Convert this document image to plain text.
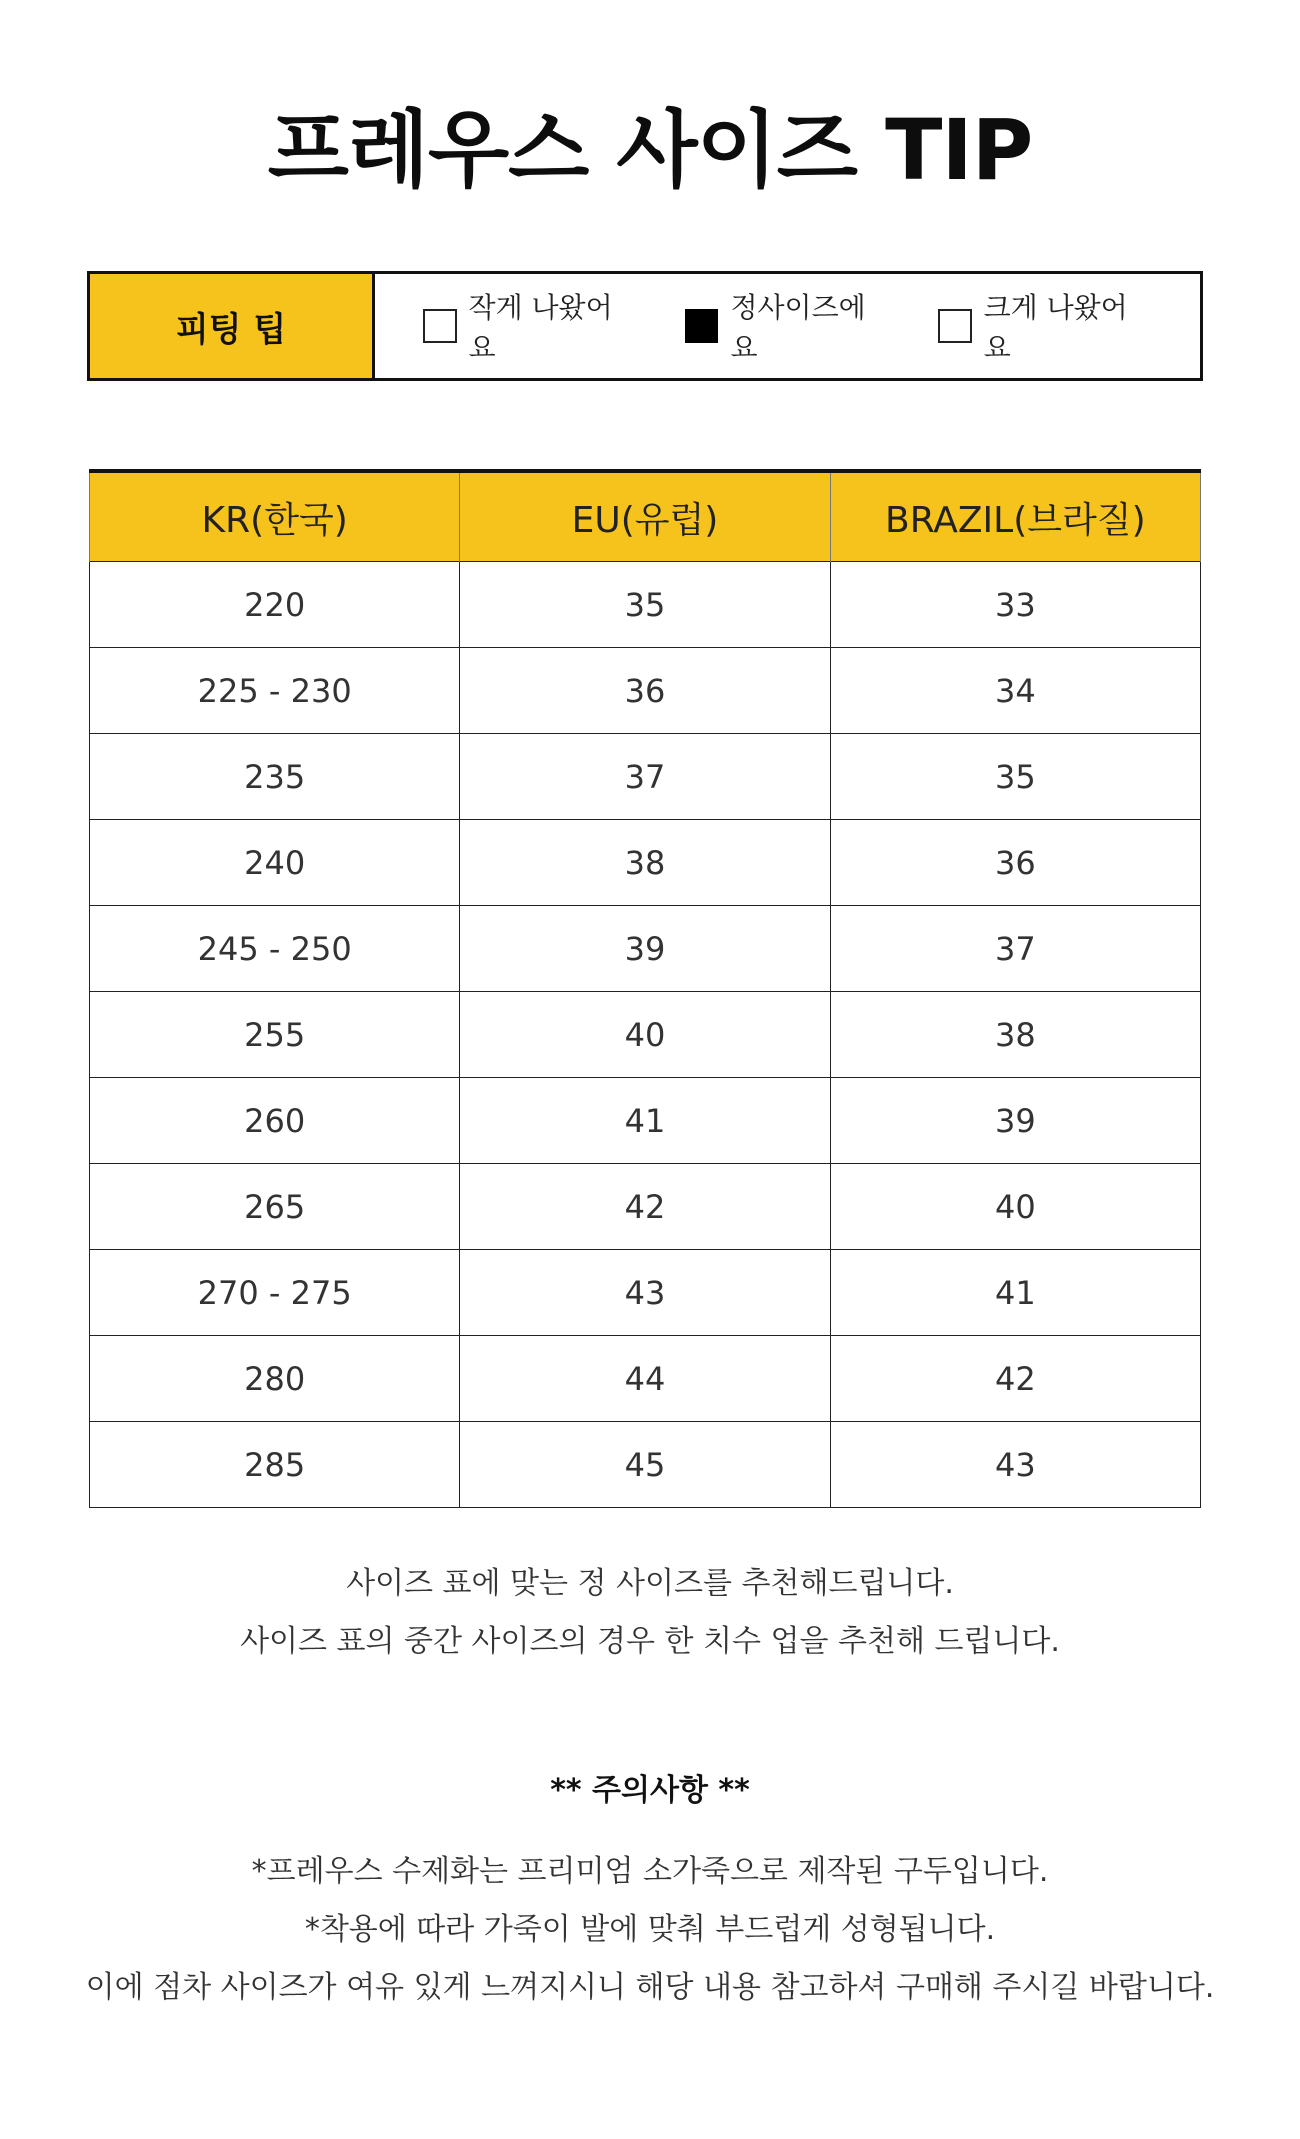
프레우스 사이즈 TIP
피팅 팁
작게 나왔어요
정사이즈에요
크게 나왔어요
KR(한국)	EU(유럽)	BRAZIL(브라질)
220	35	33
225 - 230	36	34
235	37	35
240	38	36
245 - 250	39	37
255	40	38
260	41	39
265	42	40
270 - 275	43	41
280	44	42
285	45	43
사이즈 표에 맞는 정 사이즈를 추천해드립니다.
사이즈 표의 중간 사이즈의 경우 한 치수 업을 추천해 드립니다.
** 주의사항 **
*프레우스 수제화는 프리미엄 소가죽으로 제작된 구두입니다.
*착용에 따라 가죽이 발에 맞춰 부드럽게 성형됩니다.
이에 점차 사이즈가 여유 있게 느껴지시니 해당 내용 참고하셔 구매해 주시길 바랍니다.
